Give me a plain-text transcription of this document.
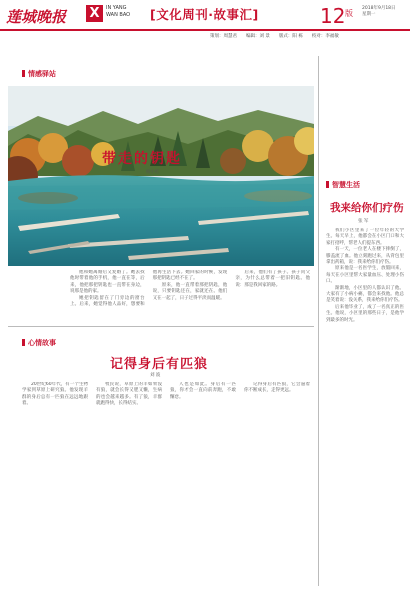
莲城晚报 X	IN YANG
WAN BAO	[文化周刊·故事汇]	12 版
2018年9月18日
星期一
策划：周慧君　　编辑：刘 景　　版式：阳 栋　　校对：李福敏
情感驿站
带走的钥匙
杨小红

他和她离婚后又复婚了。她去找他时带着他的手机，他一直在等，后来，他把那把钥匙也一直带在身边，说那是他的家。

她把钥匙留在了门旁边的窗台上。后来，她觉得他人品好，想要和他再生活下去。她回家的时候，发现那把钥匙已经不在了。

原来，他一直带着那把钥匙，他说，只要钥匙还在，家就还在。他们又在一起了，日子过得平淡而温暖。

后来，他们有了孩子。孩子问父亲，为什么总带着一把旧钥匙。他说：那是我回家的路。

心情故事
记得身后有匹狼
刘 波

20世纪60年代，有一个生物学家到草原上研究狼。他发现羊群的身后总有一匹狼在远远地跟着。

牧民说，草原上的羊如果没有狼，就会长得又肥又懒，生病的也会越来越多。有了狼，羊群就跑得快，长得结实。

人也是如此。身后有一匹狼，你才会一直向前奔跑，不敢懈怠。

记得身后有匹狼，它会逼着你不断成长，走得更远。

智慧生活
我来给你们疗伤
张 军

我们小区里来了一位年轻的大学生。每天早上，他都会在小区门口和大家打招呼，帮老人们提东西。

有一天，一位老人在楼下摔倒了，膝盖流了血。他立刻跑过来，从背包里拿出药箱，说：我来给你们疗伤。

原来他是一名医学生，放假回来，每天在小区里帮大家量血压、处理小伤口。

渐渐地，小区里的人都认识了他。大家有了小病小痛，都会来找他。他总是笑着说：没关系，我来给你们疗伤。

后来他毕业了，成了一名真正的医生。他说，小区里的那些日子，是他学到最多的时光。
